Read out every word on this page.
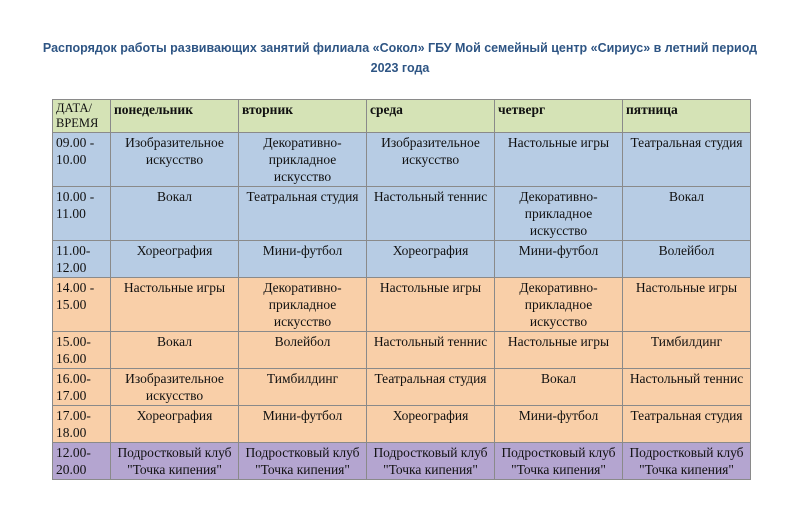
Распорядок работы развивающих занятий филиала «Сокол» ГБУ Мой семейный центр «Сириус» в летний период 2023 года
ДАТА/ ВРЕМЯ	понедельник	вторник	среда	четверг	пятница
09.00 - 10.00	Изобразительное искусство	Декоративно-прикладное искусство	Изобразительное искусство	Настольные игры	Театральная студия
10.00 - 11.00	Вокал	Театральная студия	Настольный теннис	Декоративно-прикладное искусство	Вокал
11.00- 12.00	Хореография	Мини-футбол	Хореография	Мини-футбол	Волейбол
14.00 - 15.00	Настольные игры	Декоративно-прикладное искусство	Настольные игры	Декоративно-прикладное искусство	Настольные игры
15.00- 16.00	Вокал	Волейбол	Настольный теннис	Настольные игры	Тимбилдинг
16.00- 17.00	Изобразительное искусство	Тимбилдинг	Театральная студия	Вокал	Настольный теннис
17.00- 18.00	Хореография	Мини-футбол	Хореография	Мини-футбол	Театральная студия
12.00- 20.00	Подростковый клуб "Точка кипения"	Подростковый клуб "Точка кипения"	Подростковый клуб "Точка кипения"	Подростковый клуб "Точка кипения"	Подростковый клуб "Точка кипения"
